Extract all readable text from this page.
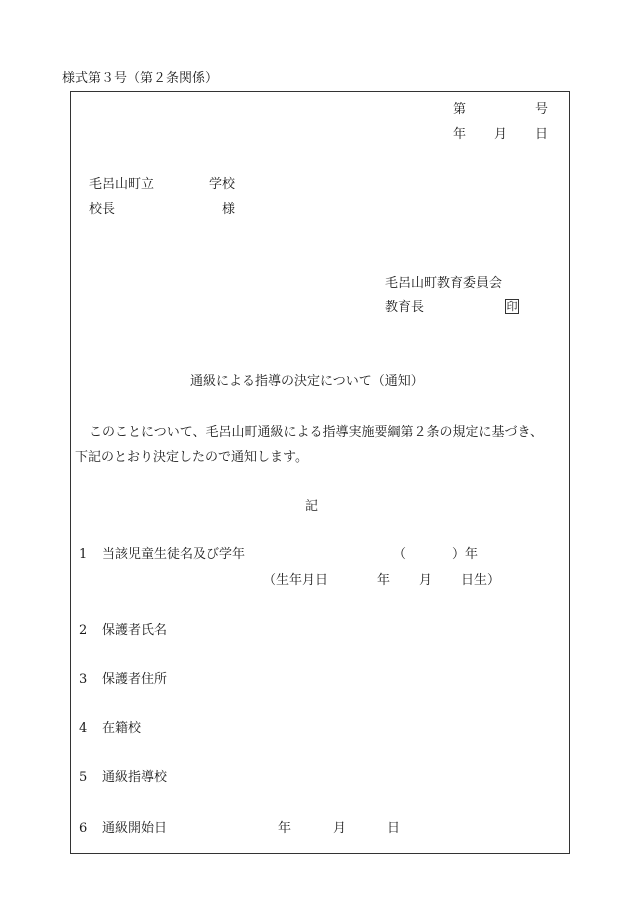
様式第３号（第２条関係）
第	号
年 月 日
毛呂山町立	学校
校長	様
毛呂山町教育委員会
教育長	印
通級による指導の決定について（通知）
このことについて、毛呂山町通級による指導実施要綱第２条の規定に基づき、
下記のとおり決定したので通知します。
記
1 当該児童生徒名及び学年	（	）年
（生年月日	年 月 日生）
2 保護者氏名
3 保護者住所
4 在籍校
5 通級指導校
6 通級開始日	年	月	日
